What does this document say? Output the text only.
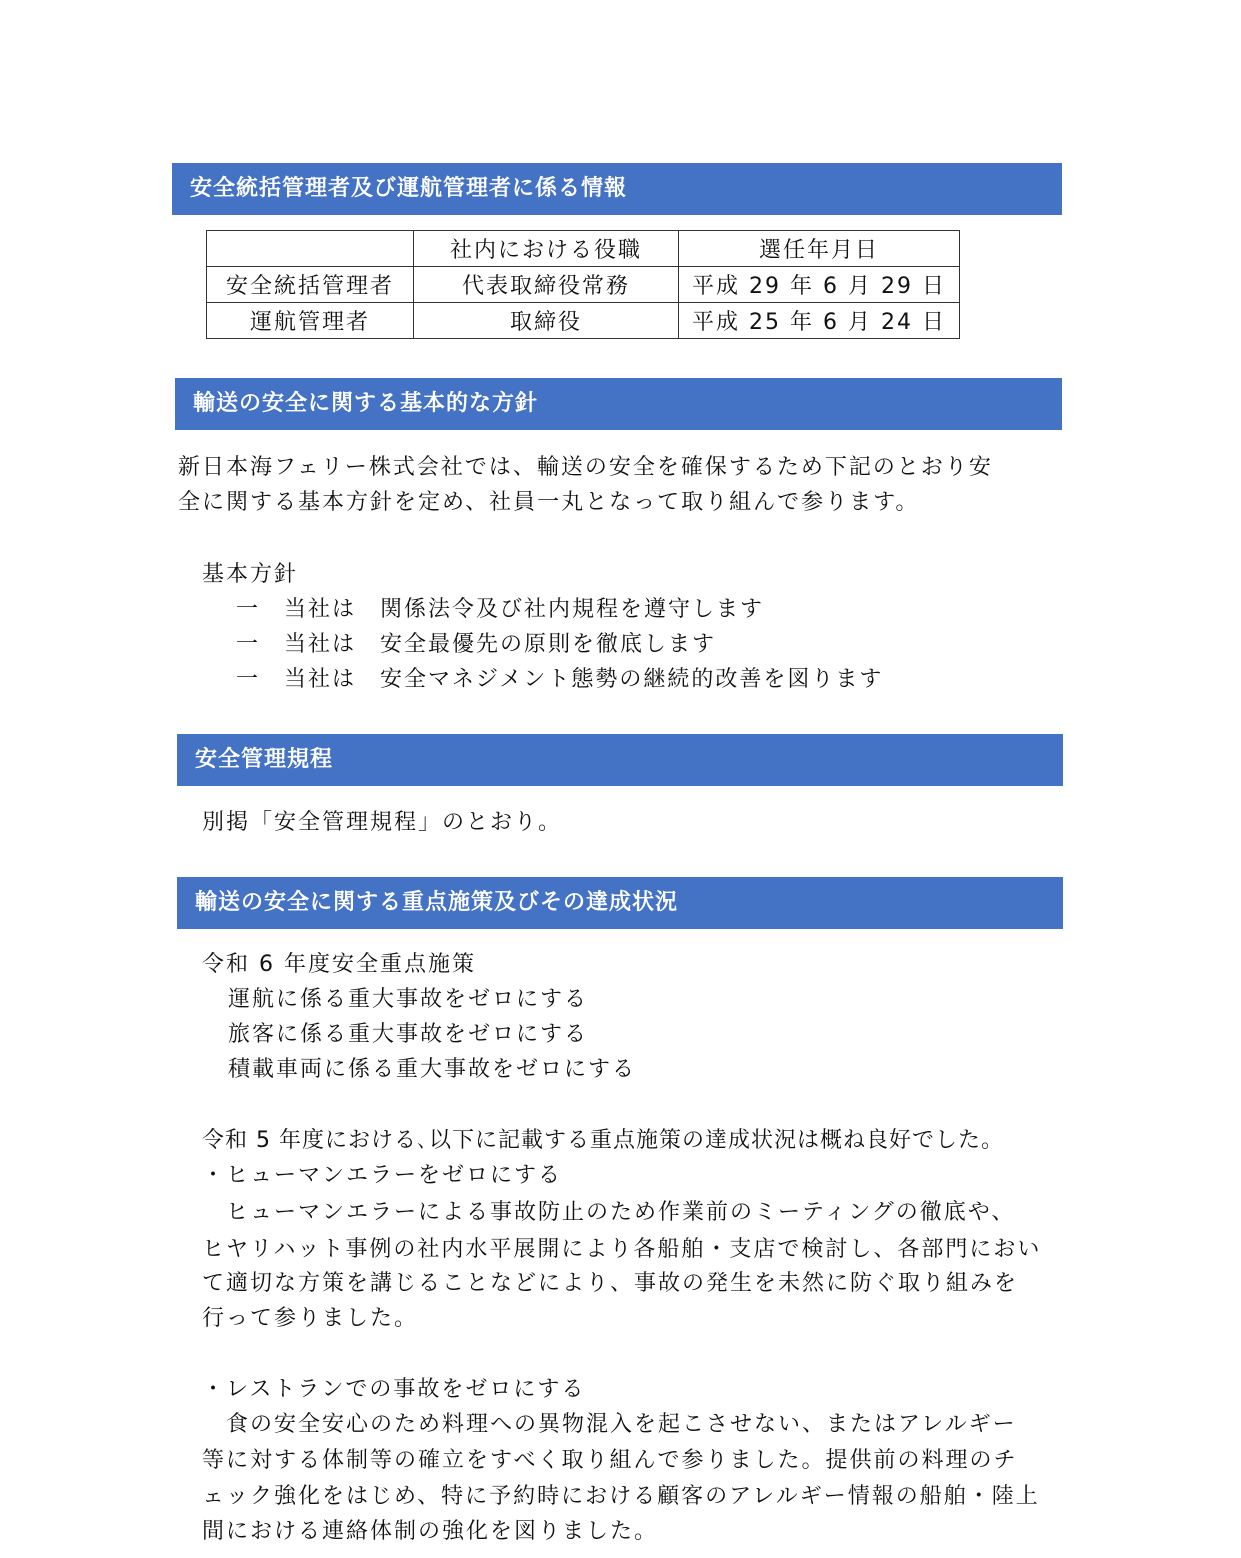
安全統括管理者及び運航管理者に係る情報
	社内における役職	選任年月日
安全統括管理者	代表取締役常務	平成 29 年 6 月 29 日
運航管理者	取締役	平成 25 年 6 月 24 日
輸送の安全に関する基本的な方針
新日本海フェリー株式会社では、輸送の安全を確保するため下記のとおり安
全に関する基本方針を定め、社員一丸となって取り組んで参ります。
基本方針
一　当社は　関係法令及び社内規程を遵守します
一　当社は　安全最優先の原則を徹底します
一　当社は　安全マネジメント態勢の継続的改善を図ります
安全管理規程
別掲「安全管理規程」のとおり。
輸送の安全に関する重点施策及びその達成状況
令和 6 年度安全重点施策
運航に係る重大事故をゼロにする
旅客に係る重大事故をゼロにする
積載車両に係る重大事故をゼロにする
令和 5 年度における､以下に記載する重点施策の達成状況は概ね良好でした。
・ヒューマンエラーをゼロにする
　ヒューマンエラーによる事故防止のため作業前のミーティングの徹底や、
ヒヤリハット事例の社内水平展開により各船舶・支店で検討し、各部門におい
て適切な方策を講じることなどにより、事故の発生を未然に防ぐ取り組みを
行って参りました。
・レストランでの事故をゼロにする
　食の安全安心のため料理への異物混入を起こさせない、またはアレルギー
等に対する体制等の確立をすべく取り組んで参りました。提供前の料理のチ
ェック強化をはじめ、特に予約時における顧客のアレルギー情報の船舶・陸上
間における連絡体制の強化を図りました。
